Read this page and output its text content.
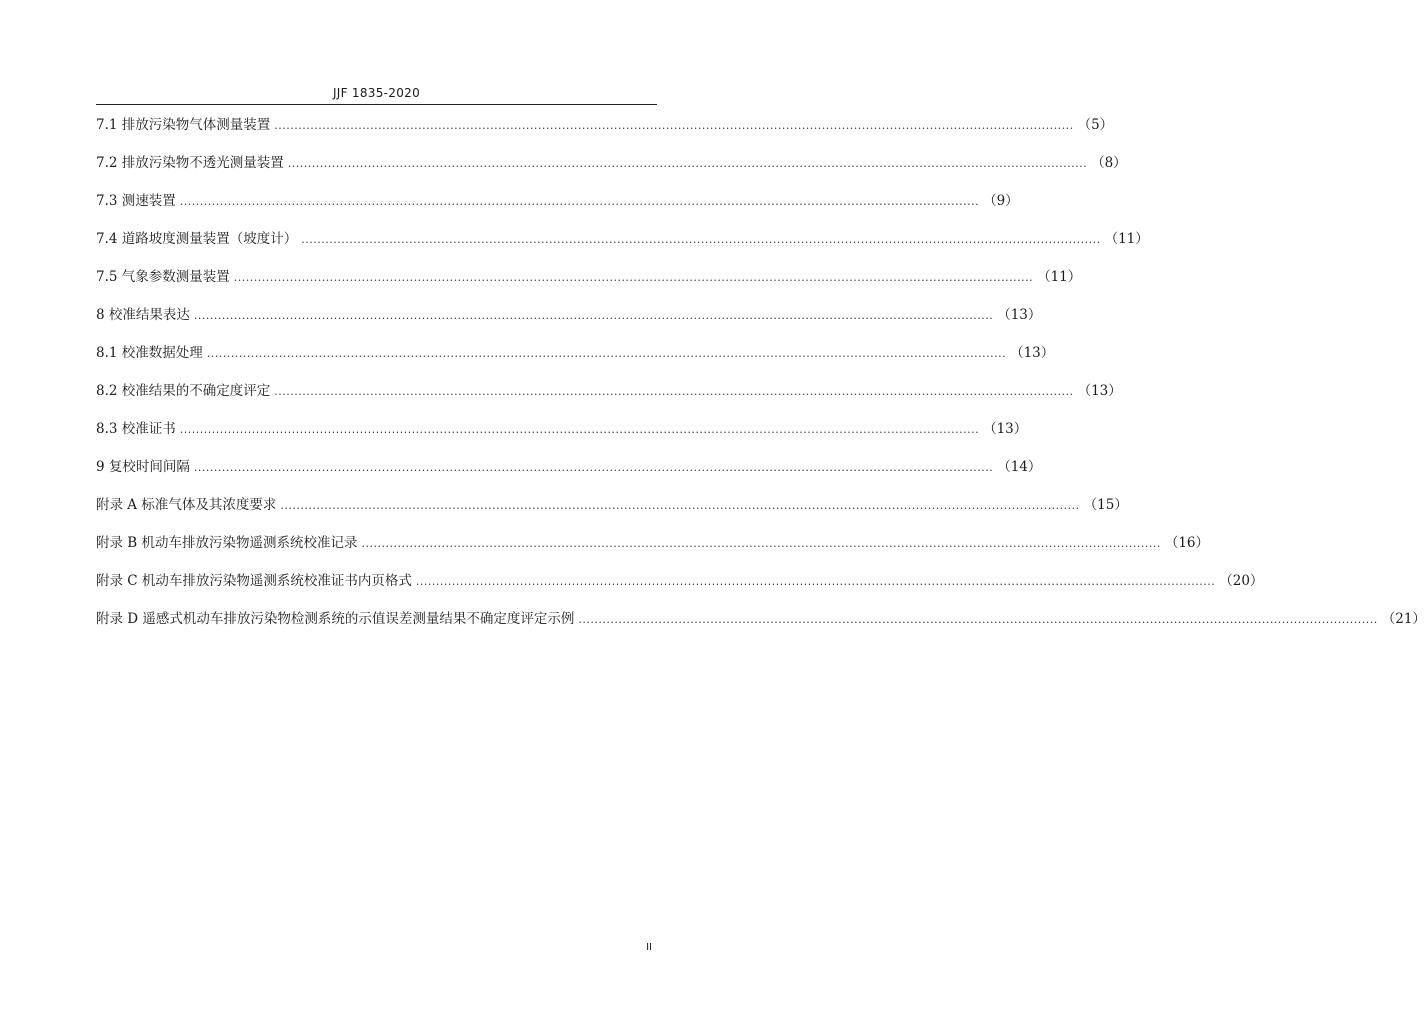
JJF 1835-2020
7.1 排放污染物气体测量装置 ........................................................................................................................................................................................................ （5）
7.2 排放污染物不透光测量装置 ........................................................................................................................................................................................................ （8）
7.3 测速装置 ........................................................................................................................................................................................................ （9）
7.4 道路坡度测量装置（坡度计） ........................................................................................................................................................................................................ （11）
7.5 气象参数测量装置 ........................................................................................................................................................................................................ （11）
8 校准结果表达 ........................................................................................................................................................................................................ （13）
8.1 校准数据处理 ........................................................................................................................................................................................................ （13）
8.2 校准结果的不确定度评定 ........................................................................................................................................................................................................ （13）
8.3 校准证书 ........................................................................................................................................................................................................ （13）
9 复校时间间隔 ........................................................................................................................................................................................................ （14）
附录 A 标准气体及其浓度要求 ........................................................................................................................................................................................................ （15）
附录 B 机动车排放污染物遥测系统校准记录 ........................................................................................................................................................................................................ （16）
附录 C 机动车排放污染物遥测系统校准证书内页格式 ........................................................................................................................................................................................................ （20）
附录 D 遥感式机动车排放污染物检测系统的示值误差测量结果不确定度评定示例 ........................................................................................................................................................................................................ （21）
II
